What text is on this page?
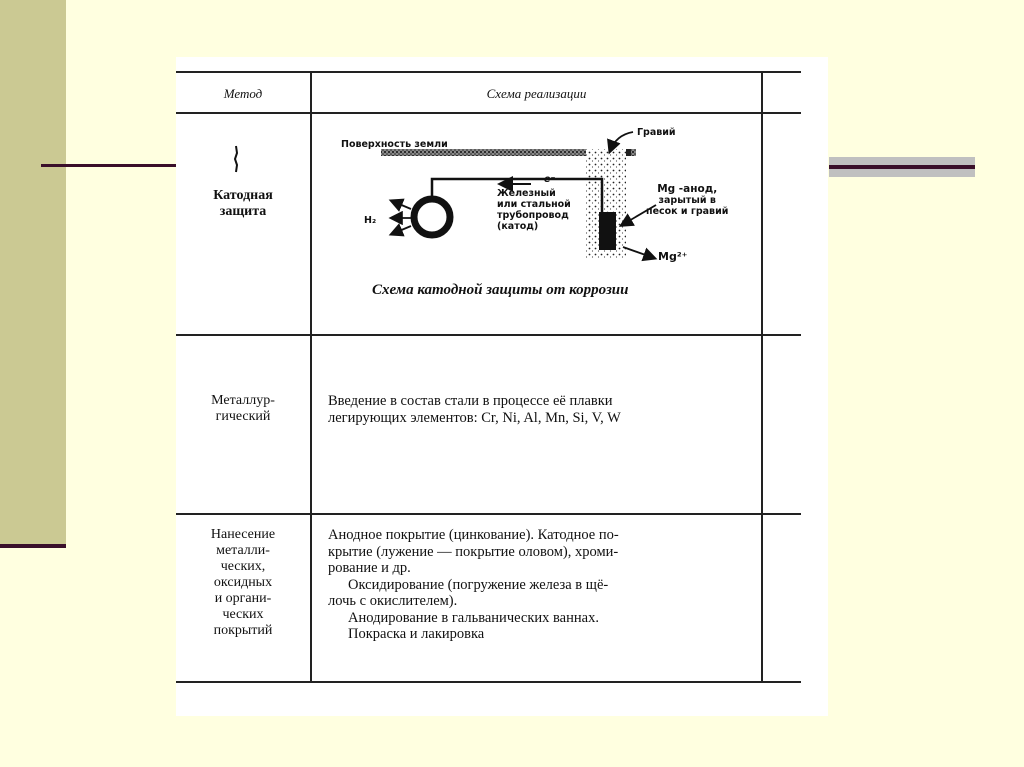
Метод	Схема реализации
Катодная
защита
Поверхность земли
Гравий
e⁻
H₂
Железный
или стальной
трубопровод
(катод)
Mg -анод,
зарытый в
песок и гравий
Mg²⁺
Схема катодной защиты от коррозии
Металлур-
гический
Введение в состав стали в процессе её плавки
легирующих элементов: Cr, Ni, Al, Mn, Si, V, W
Нанесение
металли-
ческих,
оксидных
и органи-
ческих
покрытий
Анодное покрытие (цинкование). Катодное по-
крытие (лужение — покрытие оловом), хроми-
рование и др.
Оксидирование (погружение железа в щё-
лочь с окислителем).
Анодирование в гальванических ваннах.
Покраска и лакировка
